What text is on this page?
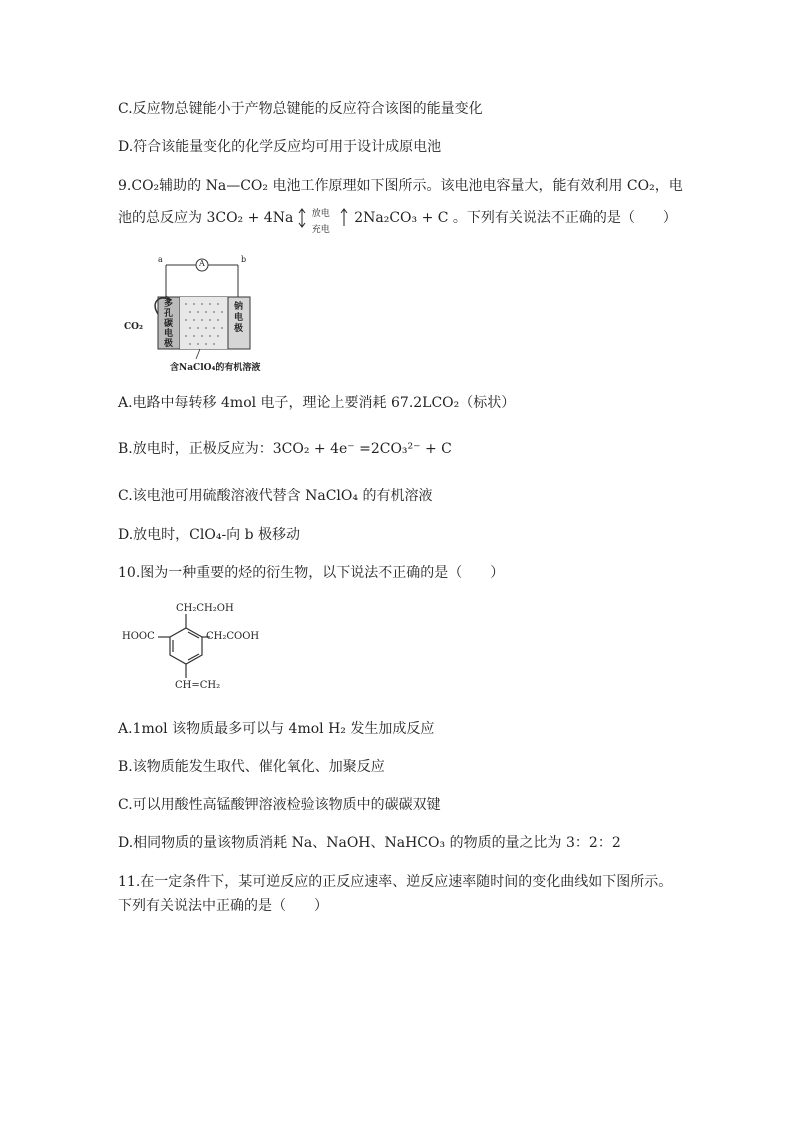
C.反应物总键能小于产物总键能的反应符合该图的能量变化
D.符合该能量变化的化学反应均可用于设计成原电池
9.CO₂辅助的 Na—CO₂ 电池工作原理如下图所示。该电池电容量大，能有效利用 CO₂，电
池的总反应为 3CO₂ + 4Na 放电
充电
2Na₂CO₃ + C 。下列有关说法不正确的是（　　）
a	b
A
多孔碳电极
钠电极
CO₂
含NaClO₄的有机溶液
A.电路中每转移 4mol 电子，理论上要消耗 67.2LCO₂（标状）
B.放电时，正极反应为：3CO₂ + 4e⁻ =2CO₃²⁻ + C
C.该电池可用硫酸溶液代替含 NaClO₄ 的有机溶液
D.放电时，ClO₄-向 b 极移动
10.图为一种重要的烃的衍生物，以下说法不正确的是（　　）
CH₂CH₂OH
HOOC	CH₂COOH
CH=CH₂
A.1mol 该物质最多可以与 4mol H₂ 发生加成反应
B.该物质能发生取代、催化氧化、加聚反应
C.可以用酸性高锰酸钾溶液检验该物质中的碳碳双键
D.相同物质的量该物质消耗 Na、NaOH、NaHCO₃ 的物质的量之比为 3：2：2
11.在一定条件下，某可逆反应的正反应速率、逆反应速率随时间的变化曲线如下图所示。
下列有关说法中正确的是（　　）
